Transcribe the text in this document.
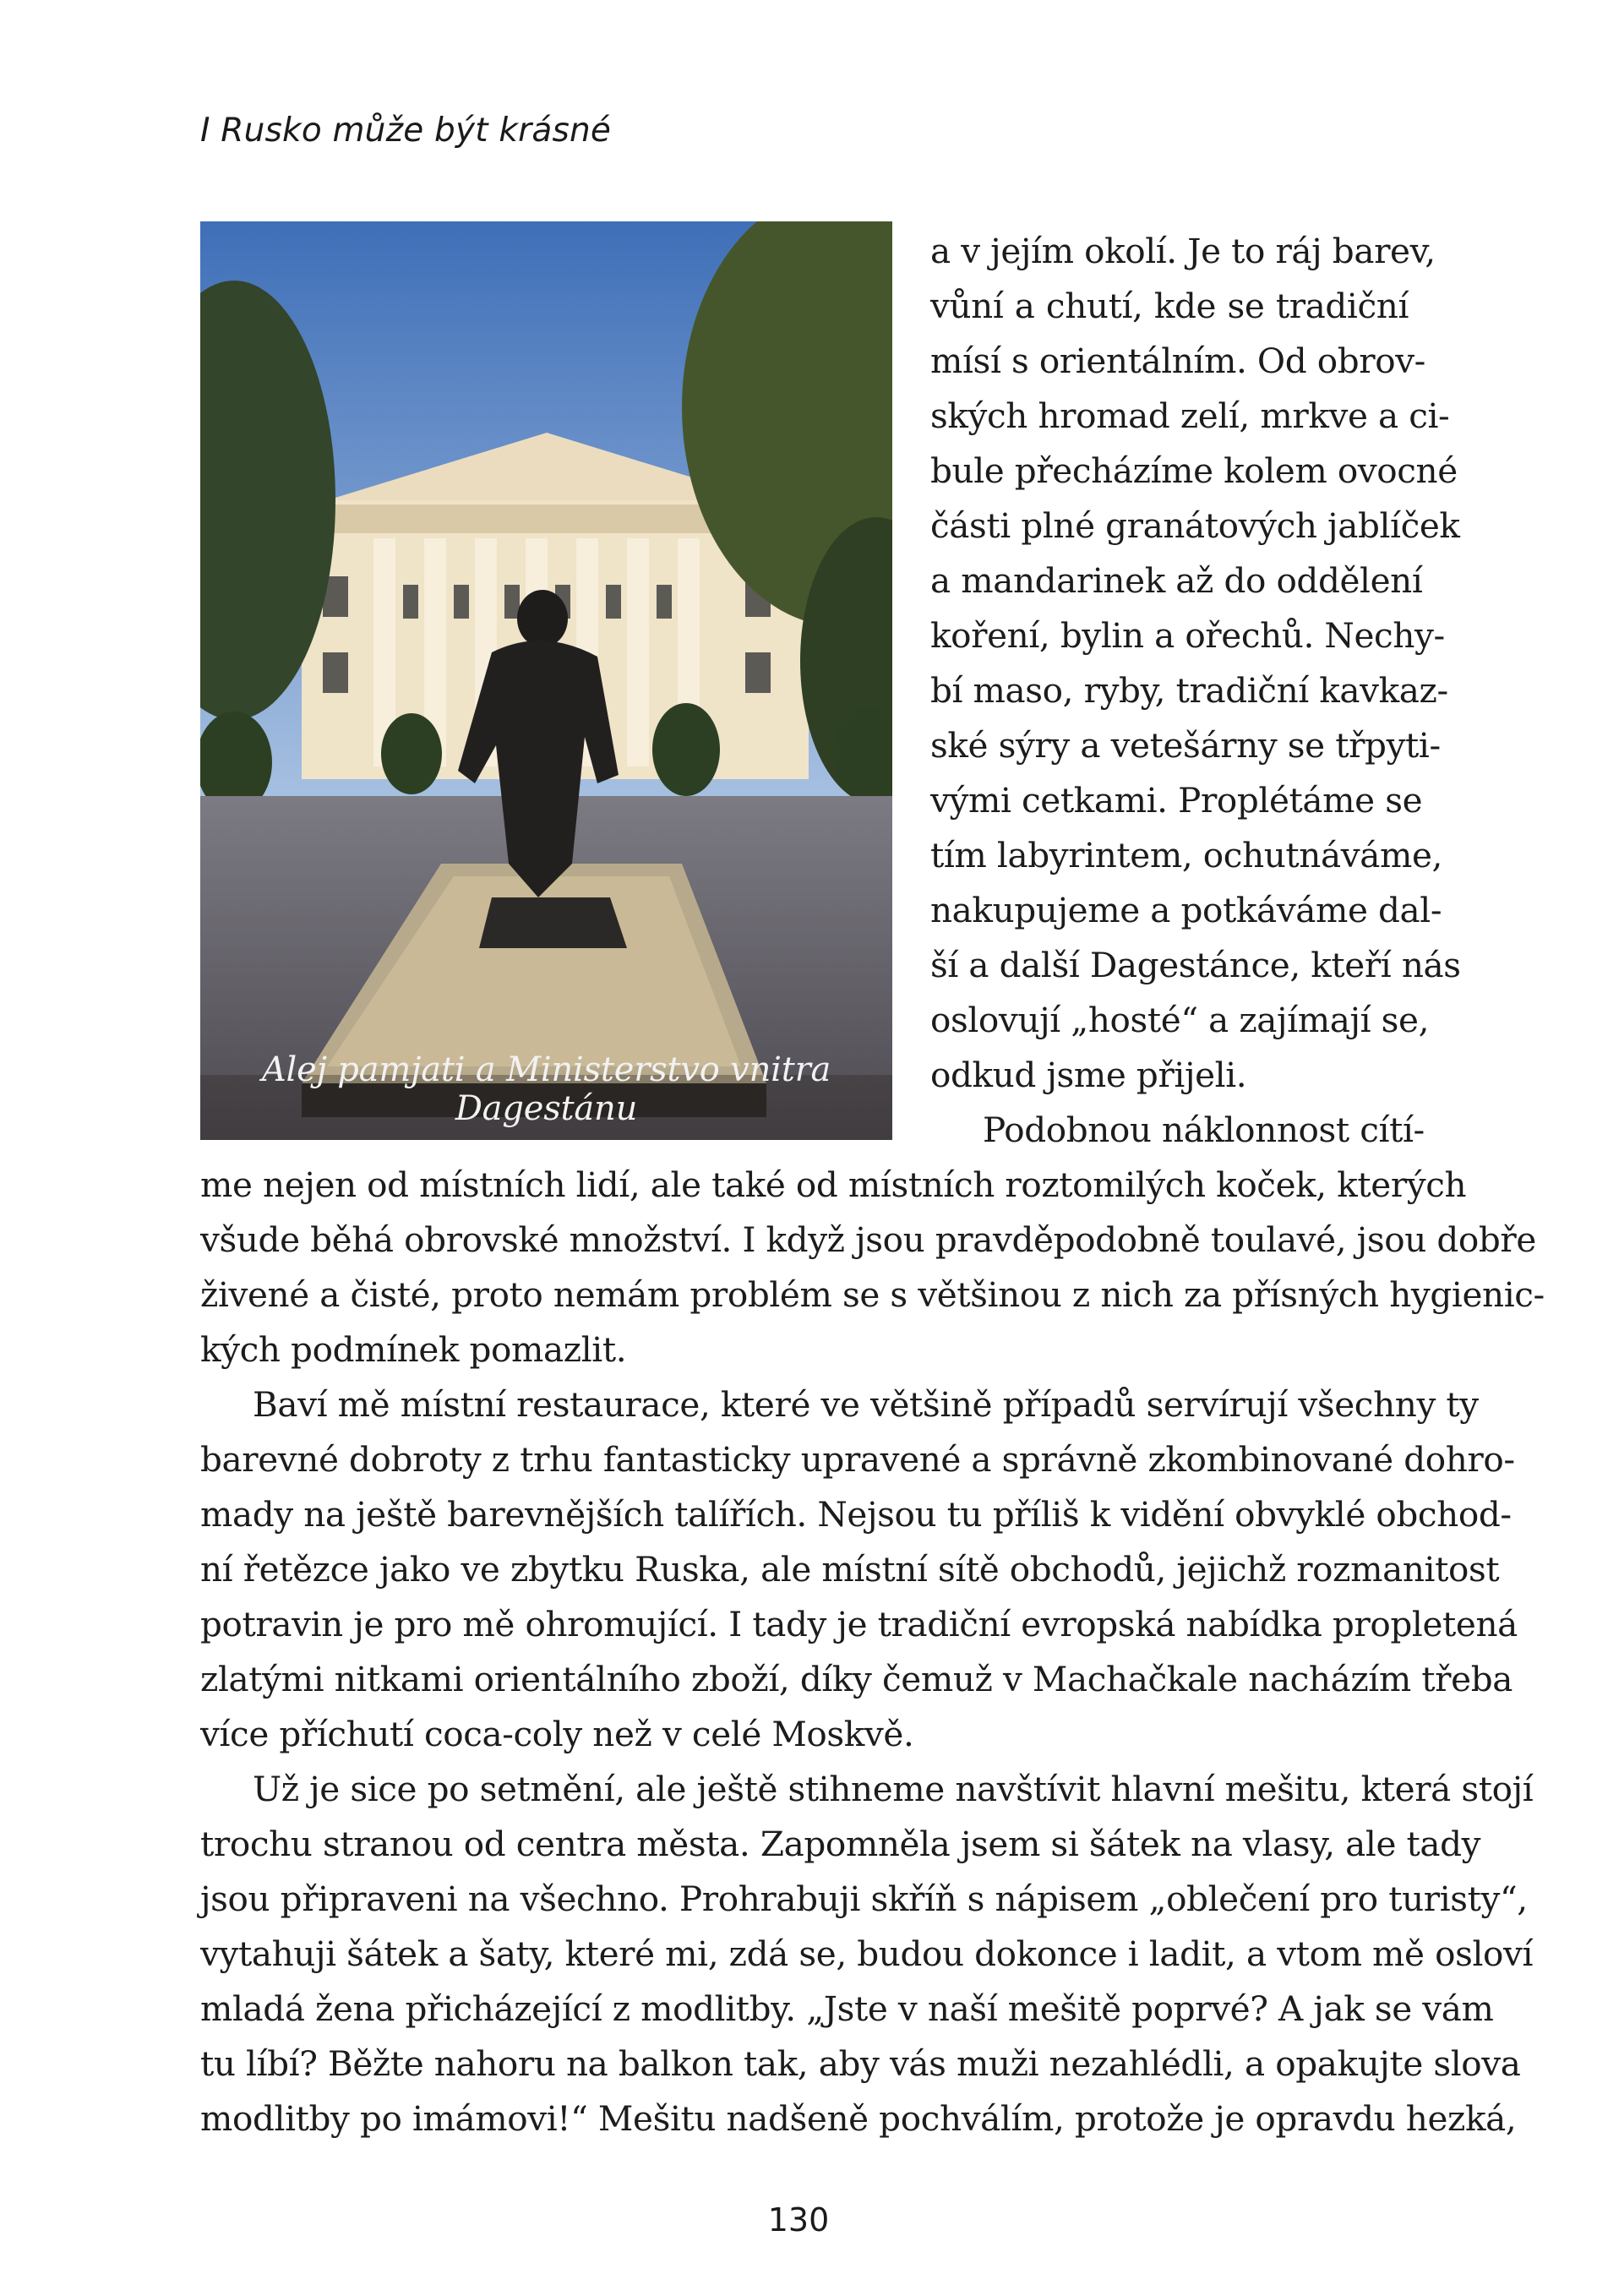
I Rusko může být krásné
Alej pamjati a Ministerstvo vnitra Dagestánu
a v jejím okolí. Je to ráj barev,
vůní a chutí, kde se tradiční
mísí s orientálním. Od obrov-
ských hromad zelí, mrkve a ci-
bule přecházíme kolem ovocné
části plné granátových jablíček
a mandarinek až do oddělení
koření, bylin a ořechů. Nechy-
bí maso, ryby, tradiční kavkaz-
ské sýry a vetešárny se třpyti-
vými cetkami. Proplétáme se
tím labyrintem, ochutnáváme,
nakupujeme a potkáváme dal-
ší a další Dagestánce, kteří nás
oslovují „hosté“ a zajímají se,
odkud jsme přijeli.
Podobnou náklonnost cítí-
me nejen od místních lidí, ale také od místních roztomilých koček, kterých
všude běhá obrovské množství. I když jsou pravděpodobně toulavé, jsou dobře
živené a čisté, proto nemám problém se s většinou z nich za přísných hygienic-
kých podmínek pomazlit.
Baví mě místní restaurace, které ve většině případů servírují všechny ty
barevné dobroty z trhu fantasticky upravené a správně zkombinované dohro-
mady na ještě barevnějších talířích. Nejsou tu příliš k vidění obvyklé obchod-
ní řetězce jako ve zbytku Ruska, ale místní sítě obchodů, jejichž rozmanitost
potravin je pro mě ohromující. I tady je tradiční evropská nabídka propletená
zlatými nitkami orientálního zboží, díky čemuž v Machačkale nacházím třeba
více příchutí coca-coly než v celé Moskvě.
Už je sice po setmění, ale ještě stihneme navštívit hlavní mešitu, která stojí
trochu stranou od centra města. Zapomněla jsem si šátek na vlasy, ale tady
jsou připraveni na všechno. Prohrabuji skříň s nápisem „oblečení pro turisty“,
vytahuji šátek a šaty, které mi, zdá se, budou dokonce i ladit, a vtom mě osloví
mladá žena přicházející z modlitby. „Jste v naší mešitě poprvé? A jak se vám
tu líbí? Běžte nahoru na balkon tak, aby vás muži nezahlédli, a opakujte slova
modlitby po imámovi!“ Mešitu nadšeně pochválím, protože je opravdu hezká,
130
